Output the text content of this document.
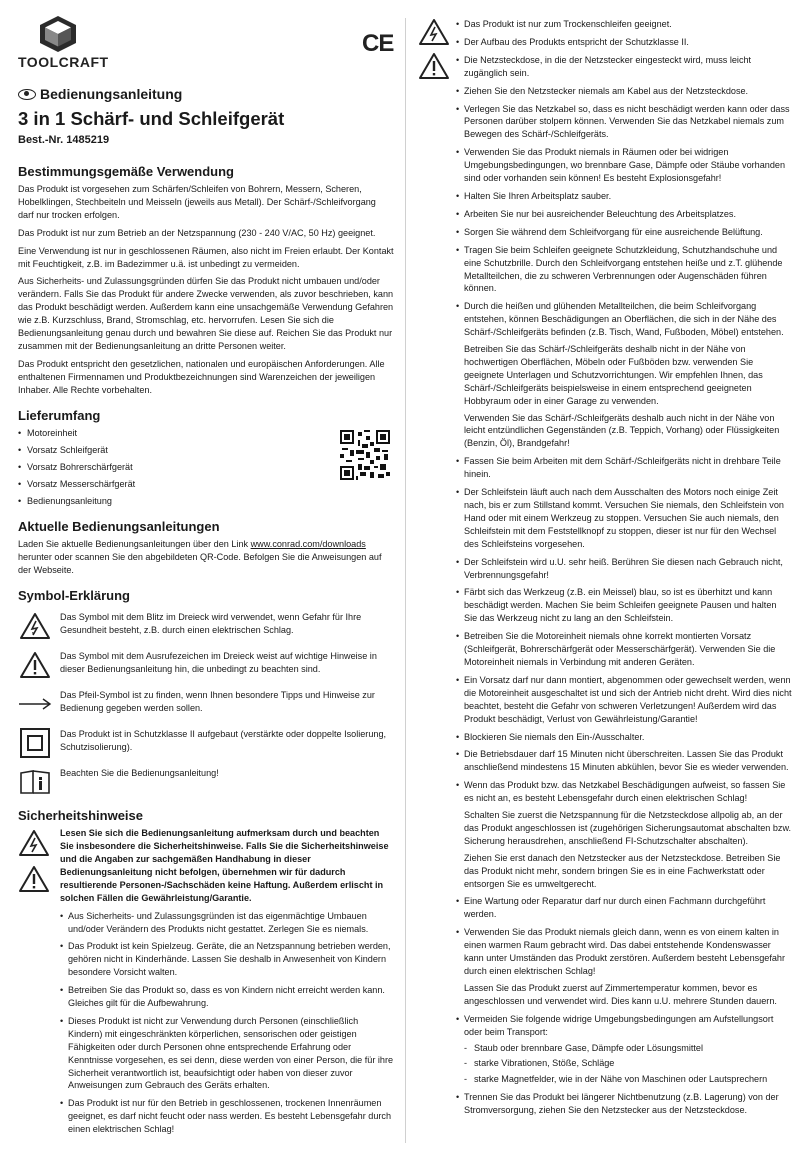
TOOLCRAFT
CE
Bedienungsanleitung
3 in 1 Schärf- und Schleifgerät
Best.-Nr. 1485219
Bestimmungsgemäße Verwendung

Das Produkt ist vorgesehen zum Schärfen/Schleifen von Bohrern, Messern, Scheren, Hobelklingen, Stechbeiteln und Meisseln (jeweils aus Metall). Der Schärf-/Schleifvorgang darf nur trocken erfolgen.

Das Produkt ist nur zum Betrieb an der Netzspannung (230 - 240 V/AC, 50 Hz) geeignet.

Eine Verwendung ist nur in geschlossenen Räumen, also nicht im Freien erlaubt. Der Kontakt mit Feuchtigkeit, z.B. im Badezimmer u.ä. ist unbedingt zu vermeiden.

Aus Sicherheits- und Zulassungsgründen dürfen Sie das Produkt nicht umbauen und/oder verändern. Falls Sie das Produkt für andere Zwecke verwenden, als zuvor beschrieben, kann das Produkt beschädigt werden. Außerdem kann eine unsachgemäße Verwendung Gefahren wie z.B. Kurzschluss, Brand, Stromschlag, etc. hervorrufen. Lesen Sie sich die Bedienungsanleitung genau durch und bewahren Sie diese auf. Reichen Sie das Produkt nur zusammen mit der Bedienungsanleitung an dritte Personen weiter.

Das Produkt entspricht den gesetzlichen, nationalen und europäischen Anforderungen. Alle enthaltenen Firmennamen und Produktbezeichnungen sind Warenzeichen der jeweiligen Inhaber. Alle Rechte vorbehalten.

Lieferumfang
• Motoreinheit
• Vorsatz Schleifgerät
• Vorsatz Bohrerschärfgerät
• Vorsatz Messerschärfgerät
• Bedienungsanleitung
Aktuelle Bedienungsanleitungen

Laden Sie aktuelle Bedienungsanleitungen über den Link www.conrad.com/downloads herunter oder scannen Sie den abgebildeten QR-Code. Befolgen Sie die Anweisungen auf der Webseite.

Symbol-Erklärung
Das Symbol mit dem Blitz im Dreieck wird verwendet, wenn Gefahr für Ihre Gesundheit besteht, z.B. durch einen elektrischen Schlag.
Das Symbol mit dem Ausrufezeichen im Dreieck weist auf wichtige Hinweise in dieser Bedienungsanleitung hin, die unbedingt zu beachten sind.
Das Pfeil-Symbol ist zu finden, wenn Ihnen besondere Tipps und Hinweise zur Bedienung gegeben werden sollen.
Das Produkt ist in Schutzklasse II aufgebaut (verstärkte oder doppelte Isolierung, Schutzisolierung).
Beachten Sie die Bedienungsanleitung!
Sicherheitshinweise

Lesen Sie sich die Bedienungsanleitung aufmerksam durch und beachten Sie insbesondere die Sicherheitshinweise. Falls Sie die Sicherheitshinweise und die Angaben zur sachgemäßen Handhabung in dieser Bedienungsanleitung nicht befolgen, übernehmen wir für dadurch resultierende Personen-/Sachschäden keine Haftung. Außerdem erlischt in solchen Fällen die Gewährleistung/Garantie.

• Aus Sicherheits- und Zulassungsgründen ist das eigenmächtige Umbauen und/oder Verändern des Produkts nicht gestattet. Zerlegen Sie es niemals.
• Das Produkt ist kein Spielzeug. Geräte, die an Netzspannung betrieben werden, gehören nicht in Kinderhände. Lassen Sie deshalb in Anwesenheit von Kindern besondere Vorsicht walten.
• Betreiben Sie das Produkt so, dass es von Kindern nicht erreicht werden kann. Gleiches gilt für die Aufbewahrung.
• Dieses Produkt ist nicht zur Verwendung durch Personen (einschließlich Kindern) mit eingeschränkten körperlichen, sensorischen oder geistigen Fähigkeiten oder durch Personen ohne entsprechende Erfahrung oder Kenntnisse vorgesehen, es sei denn, diese werden von einer Person, die für ihre Sicherheit verantwortlich ist, beaufsichtigt oder haben von dieser zuvor Anweisungen zum Gebrauch des Geräts erhalten.
• Das Produkt ist nur für den Betrieb in geschlossenen, trockenen Innenräumen geeignet, es darf nicht feucht oder nass werden. Es besteht Lebensgefahr durch einen elektrischen Schlag!
• Das Produkt ist nur zum Trockenschleifen geeignet.
• Der Aufbau des Produkts entspricht der Schutzklasse II.
• Die Netzsteckdose, in die der Netzstecker eingesteckt wird, muss leicht zugänglich sein.
• Ziehen Sie den Netzstecker niemals am Kabel aus der Netzsteckdose.
• Verlegen Sie das Netzkabel so, dass es nicht beschädigt werden kann oder dass Personen darüber stolpern können. Verwenden Sie das Netzkabel niemals zum Bewegen des Schärf-/Schleifgeräts.
• Verwenden Sie das Produkt niemals in Räumen oder bei widrigen Umgebungsbedingungen, wo brennbare Gase, Dämpfe oder Stäube vorhanden sind oder vorhanden sein können! Es besteht Explosionsgefahr!
• Halten Sie Ihren Arbeitsplatz sauber.
• Arbeiten Sie nur bei ausreichender Beleuchtung des Arbeitsplatzes.
• Sorgen Sie während dem Schleifvorgang für eine ausreichende Belüftung.
• Tragen Sie beim Schleifen geeignete Schutzkleidung, Schutzhandschuhe und eine Schutzbrille. Durch den Schleifvorgang entstehen heiße und z.T. glühende Metallteilchen, die zu schweren Verbrennungen oder Augenschäden führen können.
• Durch die heißen und glühenden Metallteilchen, die beim Schleifvorgang entstehen, können Beschädigungen an Oberflächen, die sich in der Nähe des Schärf-/Schleifgeräts befinden (z.B. Tisch, Wand, Fußboden, Möbel) entstehen.

Betreiben Sie das Schärf-/Schleifgeräts deshalb nicht in der Nähe von hochwertigen Oberflächen, Möbeln oder Fußböden bzw. verwenden Sie geeignete Unterlagen und Schutzvorrichtungen. Wir empfehlen Ihnen, das Schärf-/Schleifgeräts beispielsweise in einem entsprechend geeigneten Hobbyraum oder in einer Garage zu verwenden.

Verwenden Sie das Schärf-/Schleifgeräts deshalb auch nicht in der Nähe von leicht entzündlichen Gegenständen (z.B. Teppich, Vorhang) oder Flüssigkeiten (Benzin, Öl), Brandgefahr!

• Fassen Sie beim Arbeiten mit dem Schärf-/Schleifgeräts nicht in drehbare Teile hinein.
• Der Schleifstein läuft auch nach dem Ausschalten des Motors noch einige Zeit nach, bis er zum Stillstand kommt. Versuchen Sie niemals, den Schleifstein von Hand oder mit einem Werkzeug zu stoppen. Versuchen Sie auch niemals, den Schleifstein mit dem Feststellknopf zu stoppen, dieser ist nur für den Wechsel des Schleifsteins vorgesehen.
• Der Schleifstein wird u.U. sehr heiß. Berühren Sie diesen nach Gebrauch nicht, Verbrennungsgefahr!
• Färbt sich das Werkzeug (z.B. ein Meissel) blau, so ist es überhitzt und kann beschädigt werden. Machen Sie beim Schleifen geeignete Pausen und halten Sie das Werkzeug nicht zu lang an den Schleifstein.
• Betreiben Sie die Motoreinheit niemals ohne korrekt montierten Vorsatz (Schleifgerät, Bohrerschärfgerät oder Messerschärfgerät). Verwenden Sie die Motoreinheit niemals in Verbindung mit anderen Geräten.
• Ein Vorsatz darf nur dann montiert, abgenommen oder gewechselt werden, wenn die Motoreinheit ausgeschaltet ist und sich der Antrieb nicht dreht. Wird dies nicht beachtet, besteht die Gefahr von schweren Verletzungen! Außerdem wird das Produkt beschädigt, Verlust von Gewährleistung/Garantie!
• Blockieren Sie niemals den Ein-/Ausschalter.
• Die Betriebsdauer darf 15 Minuten nicht überschreiten. Lassen Sie das Produkt anschließend mindestens 15 Minuten abkühlen, bevor Sie es wieder verwenden.
• Wenn das Produkt bzw. das Netzkabel Beschädigungen aufweist, so fassen Sie es nicht an, es besteht Lebensgefahr durch einen elektrischen Schlag!

Schalten Sie zuerst die Netzspannung für die Netzsteckdose allpolig ab, an der das Produkt angeschlossen ist (zugehörigen Sicherungsautomat abschalten bzw. Sicherung herausdrehen, anschließend FI-Schutzschalter abschalten).

Ziehen Sie erst danach den Netzstecker aus der Netzsteckdose. Betreiben Sie das Produkt nicht mehr, sondern bringen Sie es in eine Fachwerkstatt oder entsorgen Sie es umweltgerecht.

• Eine Wartung oder Reparatur darf nur durch einen Fachmann durchgeführt werden.
• Verwenden Sie das Produkt niemals gleich dann, wenn es von einem kalten in einen warmen Raum gebracht wird. Das dabei entstehende Kondenswasser kann unter Umständen das Produkt zerstören. Außerdem besteht Lebensgefahr durch einen elektrischen Schlag!

Lassen Sie das Produkt zuerst auf Zimmertemperatur kommen, bevor es angeschlossen und verwendet wird. Dies kann u.U. mehrere Stunden dauern.

• Vermeiden Sie folgende widrige Umgebungsbedingungen am Aufstellungsort oder beim Transport:
- Staub oder brennbare Gase, Dämpfe oder Lösungsmittel
- starke Vibrationen, Stöße, Schläge
- starke Magnetfelder, wie in der Nähe von Maschinen oder Lautsprechern
• Trennen Sie das Produkt bei längerer Nichtbenutzung (z.B. Lagerung) von der Stromversorgung, ziehen Sie den Netzstecker aus der Netzsteckdose.
